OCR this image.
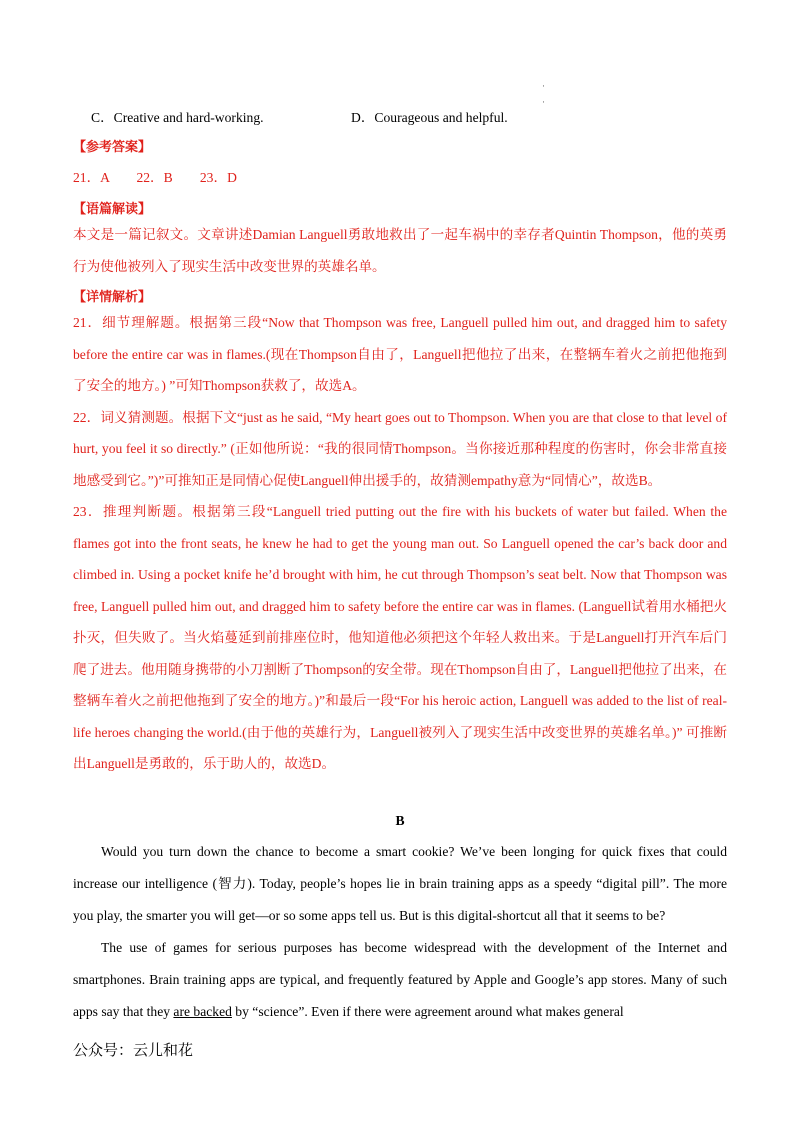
·
·
C．Creative and hard-working.	D．Courageous and helpful.
【参考答案】
21．A        22．B        23．D
【语篇解读】

本文是一篇记叙文。文章讲述Damian Languell勇敢地救出了一起车祸中的幸存者Quintin Thompson，他的英勇行为使他被列入了现实生活中改变世界的英雄名单。

【详情解析】

21．细节理解题。根据第三段“Now that Thompson was free, Languell pulled him out, and dragged him to safety before the entire car was in flames.(现在Thompson自由了，Languell把他拉了出来，在整辆车着火之前把他拖到了安全的地方。) ”可知Thompson获救了，故选A。

22．词义猜测题。根据下文“just as he said, “My heart goes out to Thompson. When you are that close to that level of hurt, you feel it so directly.” (正如他所说：“我的很同情Thompson。当你接近那种程度的伤害时，你会非常直接地感受到它。”)”可推知正是同情心促使Languell伸出援手的，故猜测empathy意为“同情心”，故选B。

23．推理判断题。根据第三段“Languell tried putting out the fire with his buckets of water but failed. When the flames got into the front seats, he knew he had to get the young man out. So Languell opened the car’s back door and climbed in. Using a pocket knife he’d brought with him, he cut through Thompson’s seat belt. Now that Thompson was free, Languell pulled him out, and dragged him to safety before the entire car was in flames. (Languell试着用水桶把火扑灭，但失败了。当火焰蔓延到前排座位时，他知道他必须把这个年轻人救出来。于是Languell打开汽车后门爬了进去。他用随身携带的小刀割断了Thompson的安全带。现在Thompson自由了，Languell把他拉了出来，在整辆车着火之前把他拖到了安全的地方。)”和最后一段“For his heroic action, Languell was added to the list of real-life heroes changing the world.(由于他的英雄行为，Languell被列入了现实生活中改变世界的英雄名单。)” 可推断出Languell是勇敢的，乐于助人的，故选D。

B

Would you turn down the chance to become a smart cookie? We’ve been longing for quick fixes that could increase our intelligence (智力). Today, people’s hopes lie in brain training apps as a speedy “digital pill”. The more you play, the smarter you will get—or so some apps tell us. But is this digital-shortcut all that it seems to be?

The use of games for serious purposes has become widespread with the development of the Internet and smartphones. Brain training apps are typical, and frequently featured by Apple and Google’s app stores. Many of such apps say that they are backed by “science”. Even if there were agreement around what makes general

公众号：云儿和花
